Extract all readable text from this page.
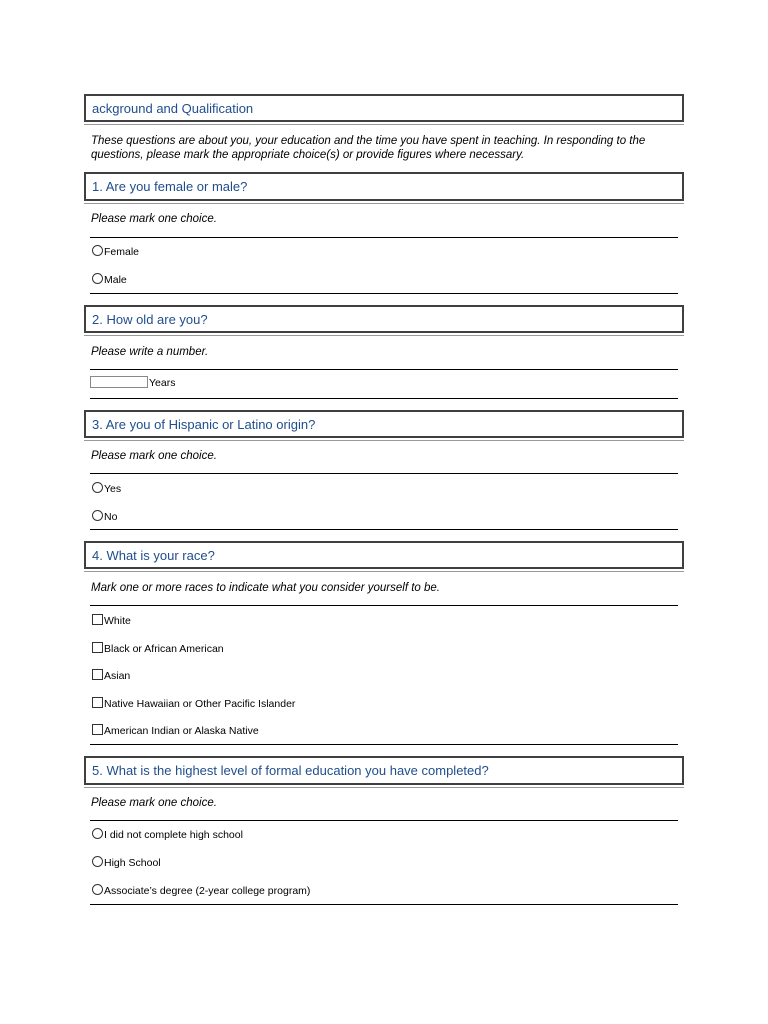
ackground and Qualification
These questions are about you, your education and the time you have spent in teaching. In responding to the questions, please mark the appropriate choice(s) or provide figures where necessary.
1. Are you female or male?
Please mark one choice.
Female
Male
2. How old are you?
Please write a number.
Years
3. Are you of Hispanic or Latino origin?
Please mark one choice.
Yes
No
4. What is your race?
Mark one or more races to indicate what you consider yourself to be.
White
Black or African American
Asian
Native Hawaiian or Other Pacific Islander
American Indian or Alaska Native
5. What is the highest level of formal education you have completed?
Please mark one choice.
I did not complete high school
High School
Associate’s degree (2-year college program)
